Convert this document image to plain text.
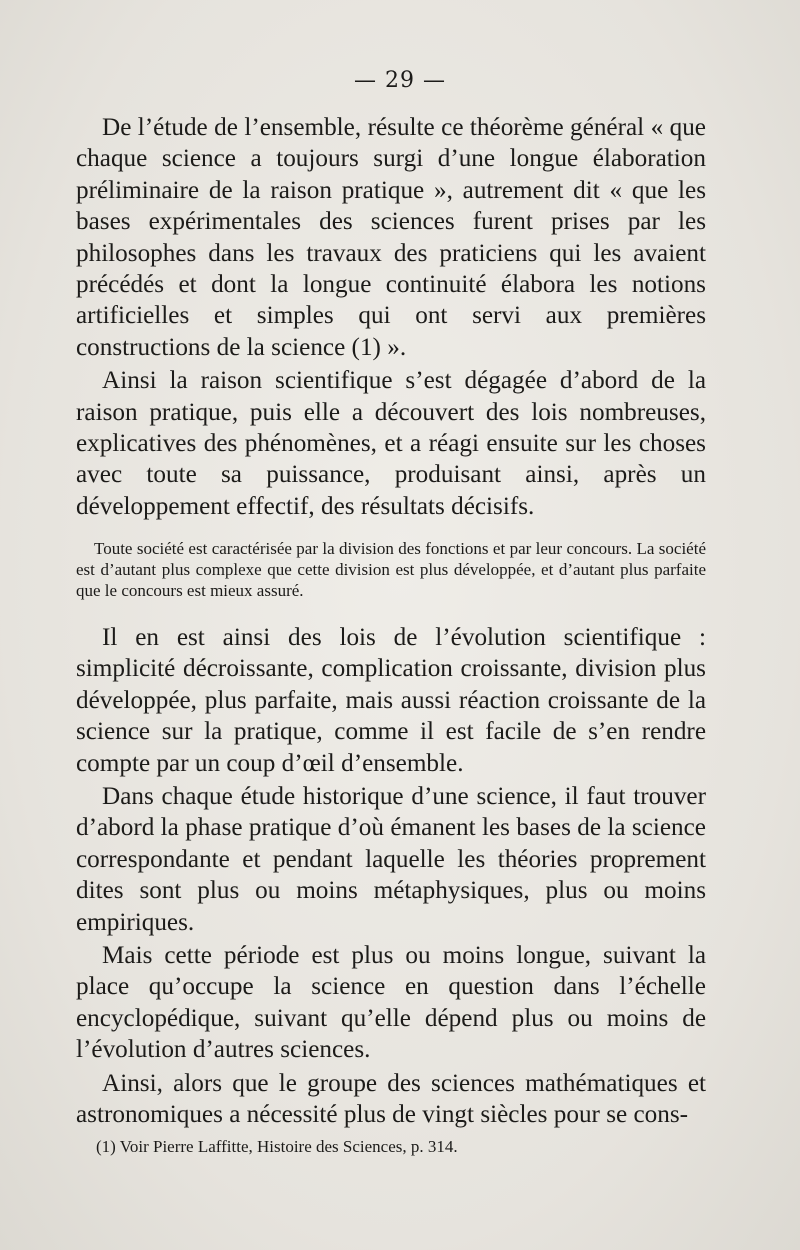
— 29 —

De l’étude de l’ensemble, résulte ce théorème général « que chaque science a toujours surgi d’une longue élaboration préliminaire de la raison pratique », autrement dit « que les bases expérimentales des sciences furent prises par les philosophes dans les travaux des praticiens qui les avaient précédés et dont la longue continuité élabora les notions artificielles et simples qui ont servi aux premières constructions de la science (1) ».

Ainsi la raison scientifique s’est dégagée d’abord de la raison pratique, puis elle a découvert des lois nombreuses, explicatives des phénomènes, et a réagi ensuite sur les choses avec toute sa puissance, produisant ainsi, après un développement effectif, des résultats décisifs.

Toute société est caractérisée par la division des fonctions et par leur concours. La société est d’autant plus complexe que cette division est plus développée, et d’autant plus parfaite que le concours est mieux assuré.

Il en est ainsi des lois de l’évolution scientifique : simplicité décroissante, complication croissante, division plus développée, plus parfaite, mais aussi réaction croissante de la science sur la pratique, comme il est facile de s’en rendre compte par un coup d’œil d’ensemble.

Dans chaque étude historique d’une science, il faut trouver d’abord la phase pratique d’où émanent les bases de la science correspondante et pendant laquelle les théories proprement dites sont plus ou moins métaphysiques, plus ou moins empiriques.

Mais cette période est plus ou moins longue, suivant la place qu’occupe la science en question dans l’échelle encyclopédique, suivant qu’elle dépend plus ou moins de l’évolution d’autres sciences.

Ainsi, alors que le groupe des sciences mathématiques et astronomiques a nécessité plus de vingt siècles pour se cons-

(1) Voir Pierre Laffitte, Histoire des Sciences, p. 314.
